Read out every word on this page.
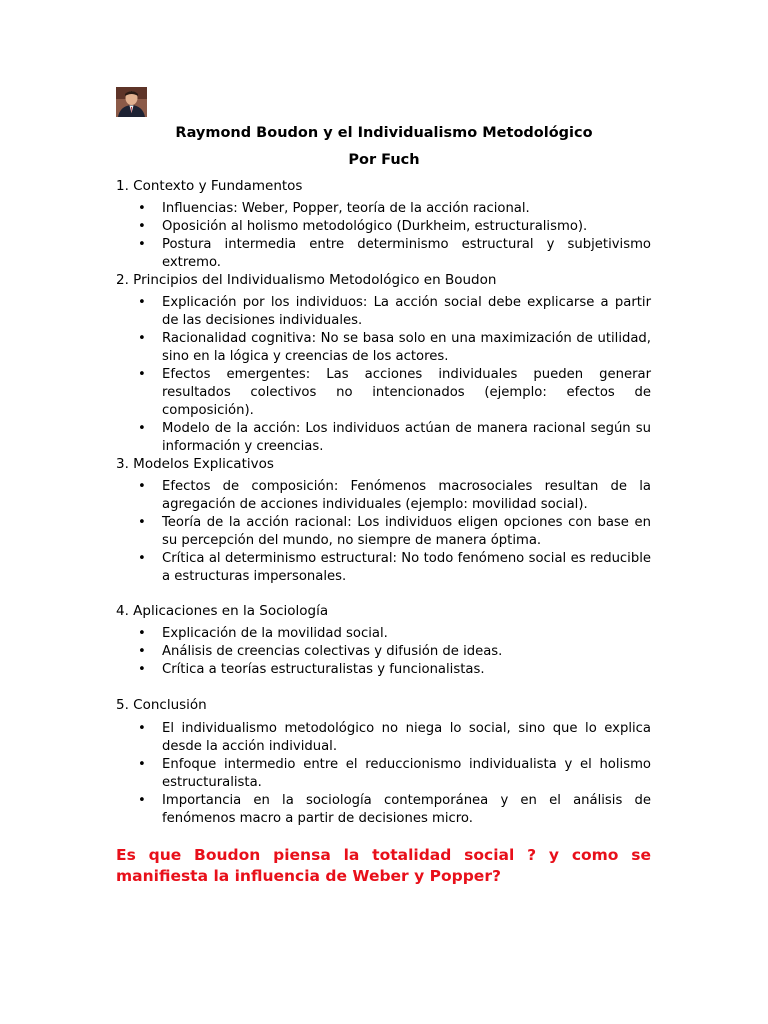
Raymond Boudon y el Individualismo Metodológico
Por Fuch
1. Contexto y Fundamentos
• Influencias: Weber, Popper, teoría de la acción racional.
• Oposición al holismo metodológico (Durkheim, estructuralismo).
• Postura intermedia entre determinismo estructural y subjetivismo extremo.
2. Principios del Individualismo Metodológico en Boudon
• Explicación por los individuos: La acción social debe explicarse a partir de las decisiones individuales.
• Racionalidad cognitiva: No se basa solo en una maximización de utilidad, sino en la lógica y creencias de los actores.
• Efectos emergentes: Las acciones individuales pueden generar resultados colectivos no intencionados (ejemplo: efectos de composición).
• Modelo de la acción: Los individuos actúan de manera racional según su información y creencias.
3. Modelos Explicativos
• Efectos de composición: Fenómenos macrosociales resultan de la agregación de acciones individuales (ejemplo: movilidad social).
• Teoría de la acción racional: Los individuos eligen opciones con base en su percepción del mundo, no siempre de manera óptima.
• Crítica al determinismo estructural: No todo fenómeno social es reducible a estructuras impersonales.
4. Aplicaciones en la Sociología
• Explicación de la movilidad social.
• Análisis de creencias colectivas y difusión de ideas.
• Crítica a teorías estructuralistas y funcionalistas.
5. Conclusión
• El individualismo metodológico no niega lo social, sino que lo explica desde la acción individual.
• Enfoque intermedio entre el reduccionismo individualista y el holismo estructuralista.
• Importancia en la sociología contemporánea y en el análisis de fenómenos macro a partir de decisiones micro.

Es que Boudon piensa la totalidad social ? y como se manifiesta la influencia de Weber y Popper?
